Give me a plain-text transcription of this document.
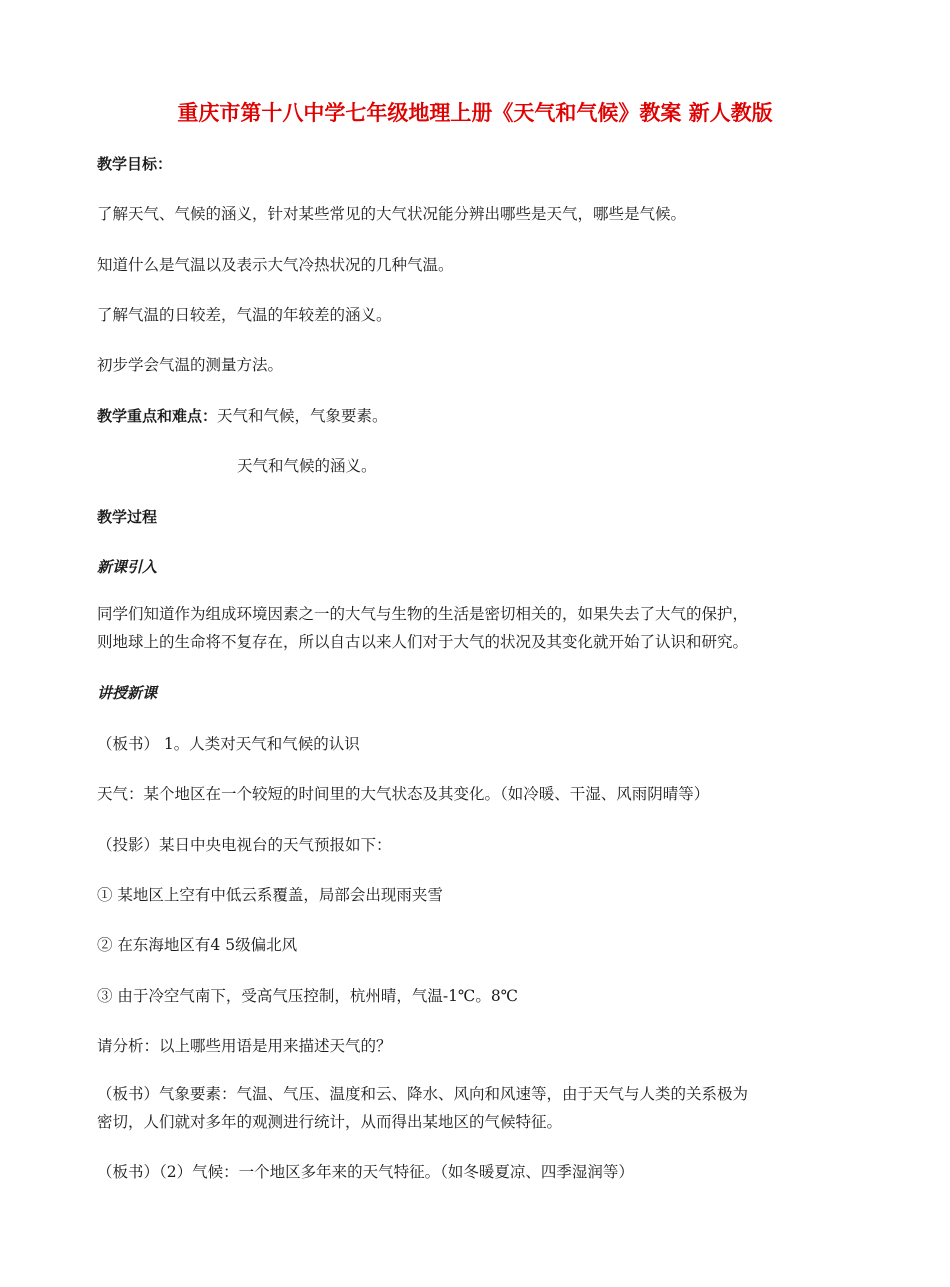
重庆市第十八中学七年级地理上册《天气和气候》教案 新人教版
教学目标：
了解天气、气候的涵义，针对某些常见的大气状况能分辨出哪些是天气，哪些是气候。
知道什么是气温以及表示大气冷热状况的几种气温。
了解气温的日较差，气温的年较差的涵义。
初步学会气温的测量方法。
教学重点和难点：天气和气候，气象要素。
天气和气候的涵义。
教学过程
新课引入
同学们知道作为组成环境因素之一的大气与生物的生活是密切相关的，如果失去了大气的保护，
则地球上的生命将不复存在，所以自古以来人们对于大气的状况及其变化就开始了认识和研究。
讲授新课
（板书） 1。人类对天气和气候的认识
天气：某个地区在一个较短的时间里的大气状态及其变化。（如冷暖、干湿、风雨阴晴等）
（投影）某日中央电视台的天气预报如下：
① 某地区上空有中低云系覆盖，局部会出现雨夹雪
② 在东海地区有4 5级偏北风
③ 由于冷空气南下，受高气压控制，杭州晴，气温-1℃。8℃
请分析：以上哪些用语是用来描述天气的？
（板书）气象要素：气温、气压、温度和云、降水、风向和风速等，由于天气与人类的关系极为
密切，人们就对多年的观测进行统计，从而得出某地区的气候特征。
（板书）（2）气候：一个地区多年来的天气特征。（如冬暖夏凉、四季湿润等）
